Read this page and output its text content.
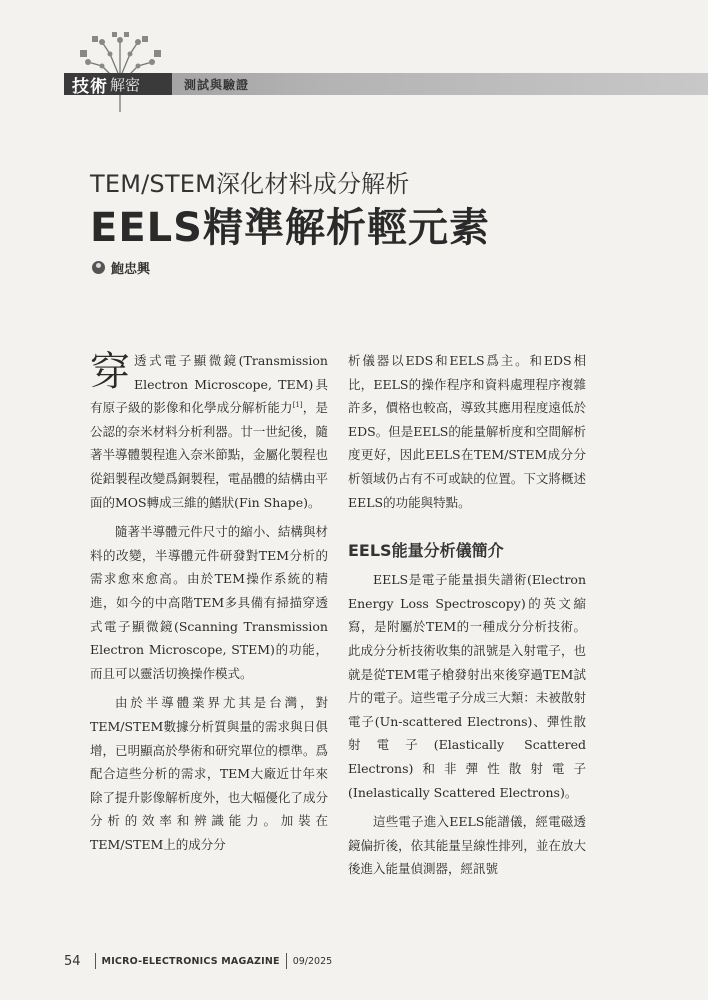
技術 解密	測試與驗證
TEM/STEM深化材料成分解析
EELS精準解析輕元素
鮑忠興

穿透式電子顯微鏡(Transmission Electron Microscope, TEM)具有原子級的影像和化學成分解析能力[1]，是公認的奈米材料分析利器。廿一世紀後，隨著半導體製程進入奈米節點，金屬化製程也從鋁製程改變爲銅製程，電晶體的結構由平面的MOS轉成三維的鰭狀(Fin Shape)。

隨著半導體元件尺寸的縮小、結構與材料的改變，半導體元件研發對TEM分析的需求愈來愈高。由於TEM操作系統的精進，如今的中高階TEM多具備有掃描穿透式電子顯微鏡(Scanning Transmission Electron Microscope, STEM)的功能，而且可以靈活切換操作模式。

由於半導體業界尤其是台灣，對TEM/STEM數據分析質與量的需求與日俱增，已明顯高於學術和研究單位的標準。爲配合這些分析的需求，TEM大廠近廿年來除了提升影像解析度外，也大幅優化了成分分析的效率和辨識能力。加裝在TEM/STEM上的成分分

析儀器以EDS和EELS爲主。和EDS相比，EELS的操作程序和資料處理程序複雜許多，價格也較高，導致其應用程度遠低於EDS。但是EELS的能量解析度和空間解析度更好，因此EELS在TEM/STEM成分分析領域仍占有不可或缺的位置。下文將概述EELS的功能與特點。

EELS能量分析儀簡介

EELS是電子能量損失譜術(Electron Energy Loss Spectroscopy)的英文縮寫，是附屬於TEM的一種成分分析技術。此成分分析技術收集的訊號是入射電子，也就是從TEM電子槍發射出來後穿過TEM試片的電子。這些電子分成三大類：未被散射電子(Un-scattered Electrons)、彈性散射電子(Elastically Scattered Electrons)和非彈性散射電子(Inelastically Scattered Electrons)。

這些電子進入EELS能譜儀，經電磁透鏡偏折後，依其能量呈線性排列，並在放大後進入能量偵測器，經訊號

54 MICRO-ELECTRONICS MAGAZINE 09/2025
